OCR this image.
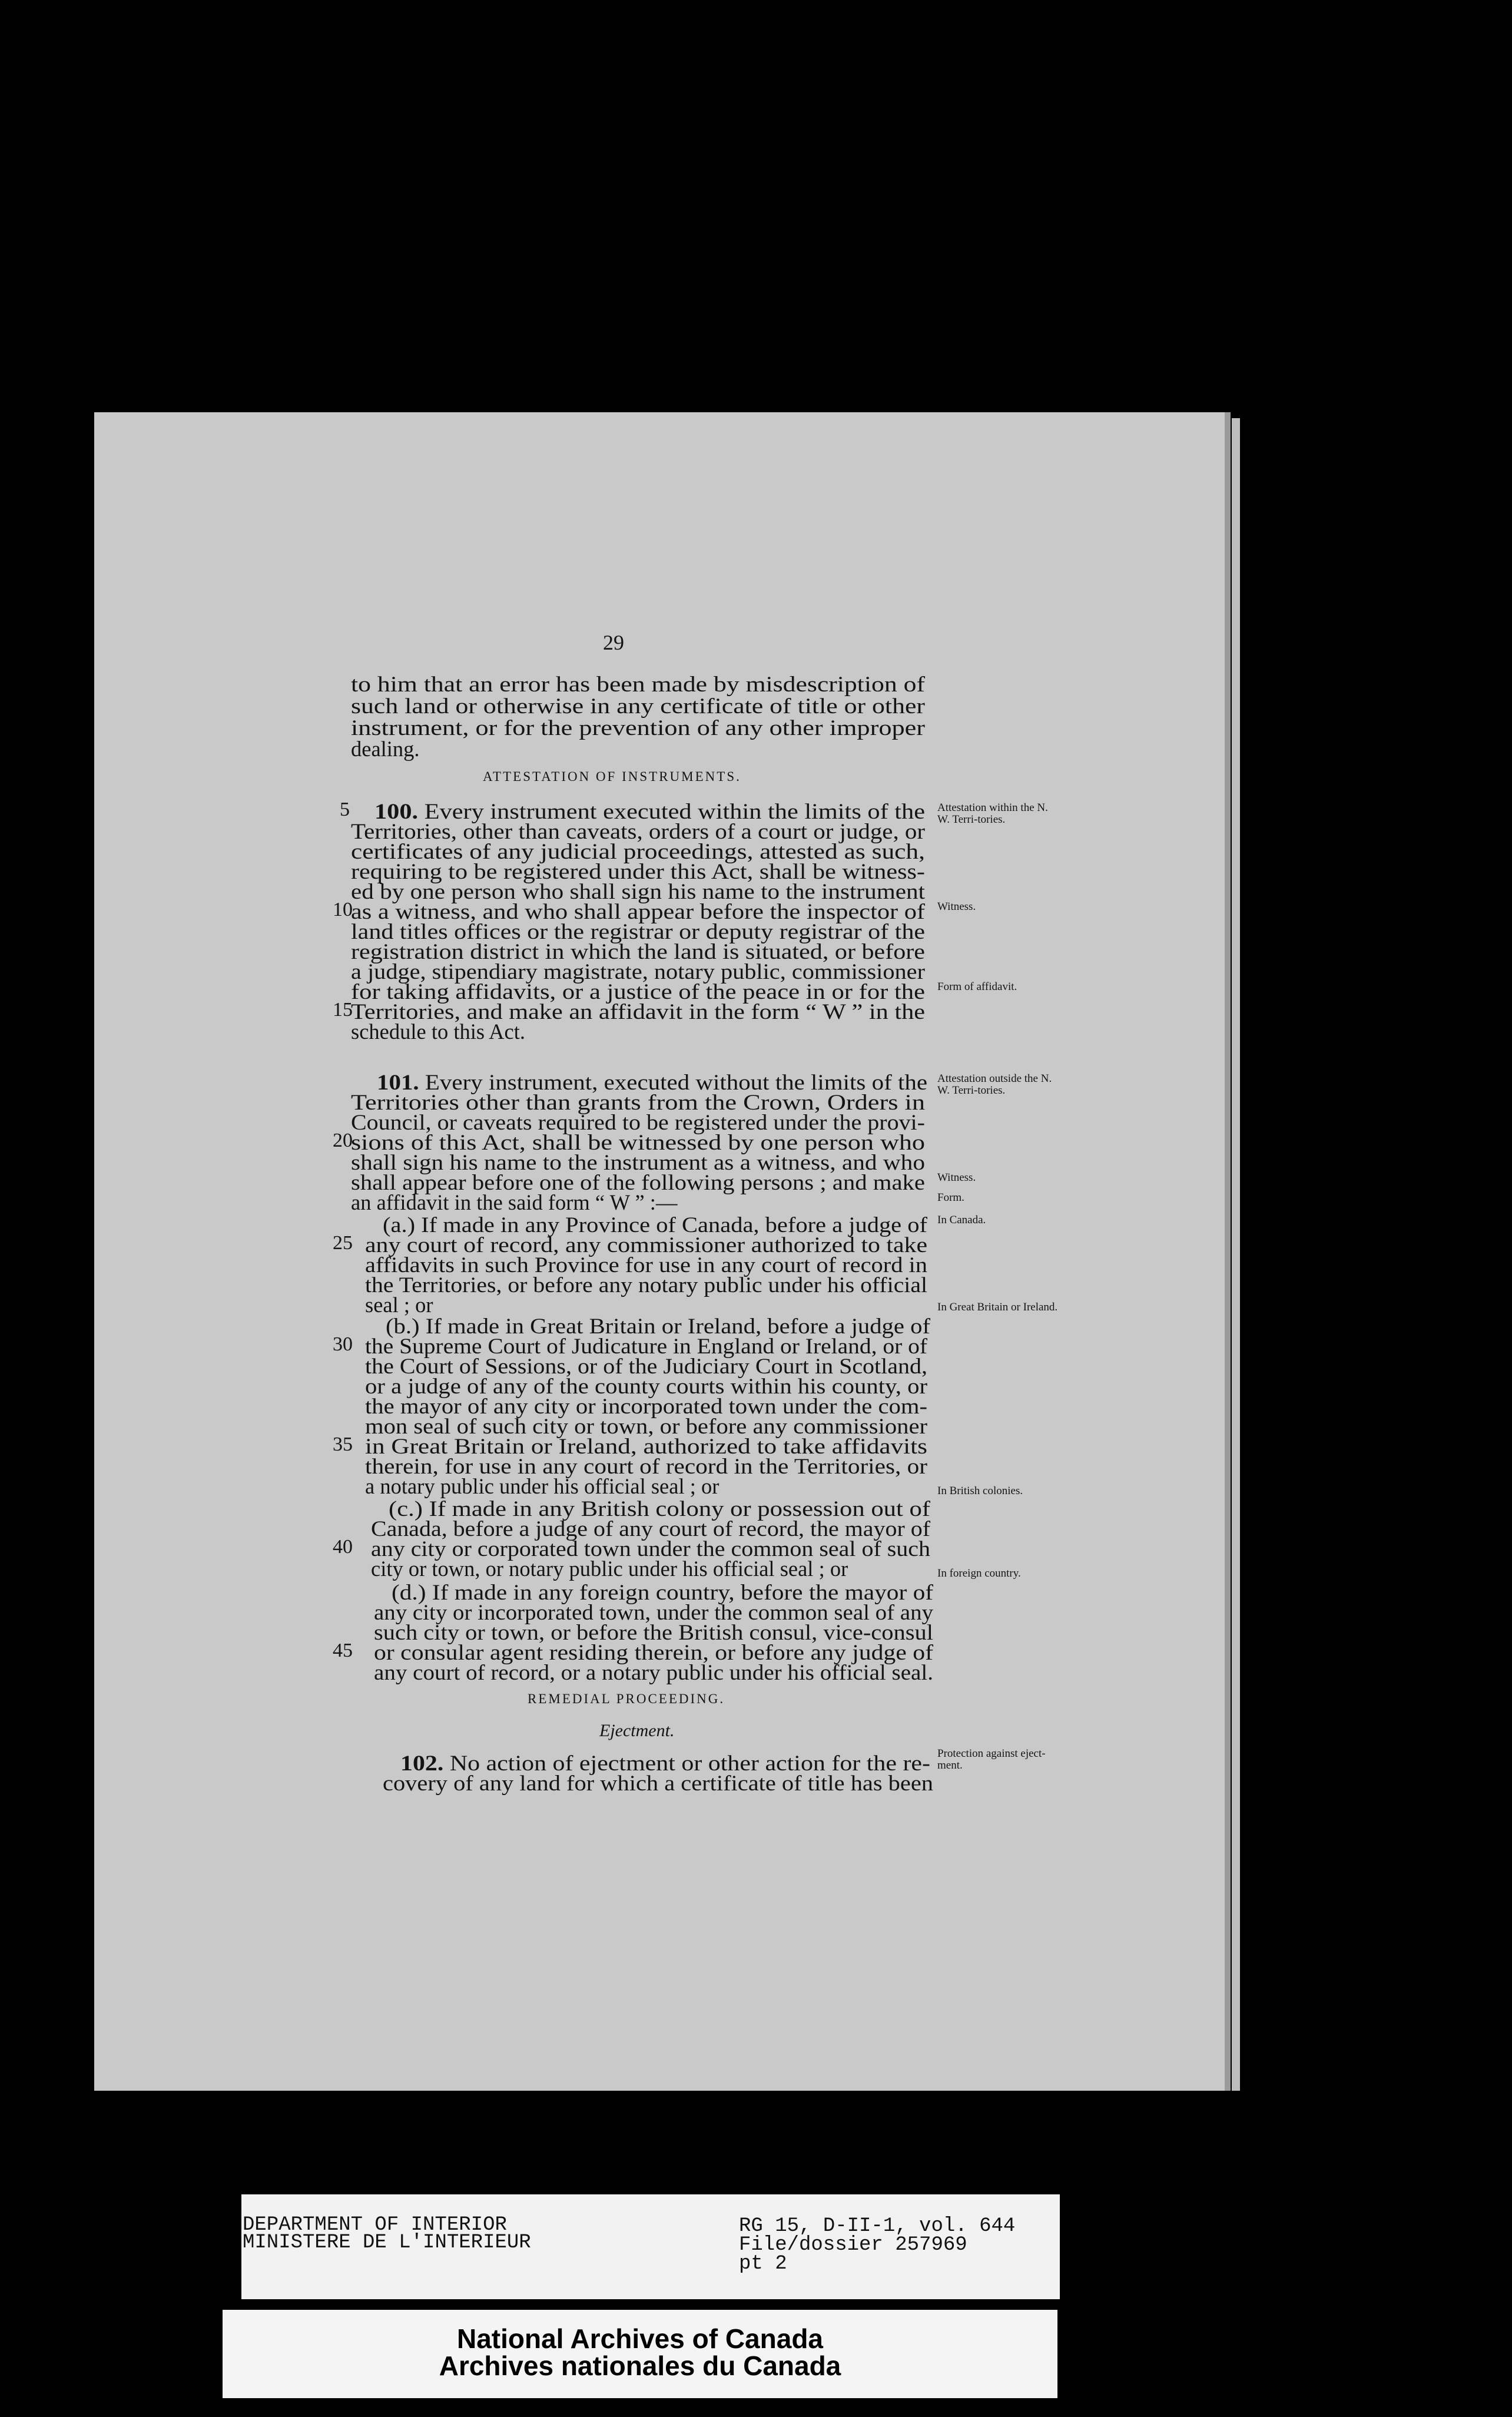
29
to him that an error has been made by misdescription of
such land or otherwise in any certificate of title or other
instrument, or for the prevention of any other improper
dealing.
ATTESTATION OF INSTRUMENTS.
100. Every instrument executed within the limits of the
Territories, other than caveats, orders of a court or judge, or
certificates of any judicial proceedings, attested as such,
requiring to be registered under this Act, shall be witness-
ed by one person who shall sign his name to the instrument
as a witness, and who shall appear before the inspector of
land titles offices or the registrar or deputy registrar of the
registration district in which the land is situated, or before
a judge, stipendiary magistrate, notary public, commissioner
for taking affidavits, or a justice of the peace in or for the
Territories, and make an affidavit in the form “ W ” in the
schedule to this Act.
101. Every instrument, executed without the limits of the
Territories other than grants from the Crown, Orders in
Council, or caveats required to be registered under the provi-
sions of this Act, shall be witnessed by one person who
shall sign his name to the instrument as a witness, and who
shall appear before one of the following persons ; and make
an affidavit in the said form “ W ” :—
(a.) If made in any Province of Canada, before a judge of
any court of record, any commissioner authorized to take
affidavits in such Province for use in any court of record in
the Territories, or before any notary public under his official
seal ; or
(b.) If made in Great Britain or Ireland, before a judge of
the Supreme Court of Judicature in England or Ireland, or of
the Court of Sessions, or of the Judiciary Court in Scotland,
or a judge of any of the county courts within his county, or
the mayor of any city or incorporated town under the com-
mon seal of such city or town, or before any commissioner
in Great Britain or Ireland, authorized to take affidavits
therein, for use in any court of record in the Territories, or
a notary public under his official seal ; or
(c.) If made in any British colony or possession out of
Canada, before a judge of any court of record, the mayor of
any city or corporated town under the common seal of such
city or town, or notary public under his official seal ; or
(d.) If made in any foreign country, before the mayor of
any city or incorporated town, under the common seal of any
such city or town, or before the British consul, vice-consul
or consular agent residing therein, or before any judge of
any court of record, or a notary public under his official seal.
REMEDIAL PROCEEDING.
Ejectment.
102. No action of ejectment or other action for the re-
covery of any land for which a certificate of title has been
5
10
15
20
25
30
35
40
45
Attestation within the N. W. Terri-tories.
Witness.
Form of affidavit.
Attestation outside the N. W. Terri-tories.
Witness.
Form.
In Canada.
In Great Britain or Ireland.
In British colonies.
In foreign country.
Protection against eject-ment.
DEPARTMENT OF INTERIOR
MINISTERE DE L'INTERIEUR
RG 15, D-II-1, vol. 644
File/dossier 257969
pt 2
National Archives of Canada
Archives nationales du Canada
